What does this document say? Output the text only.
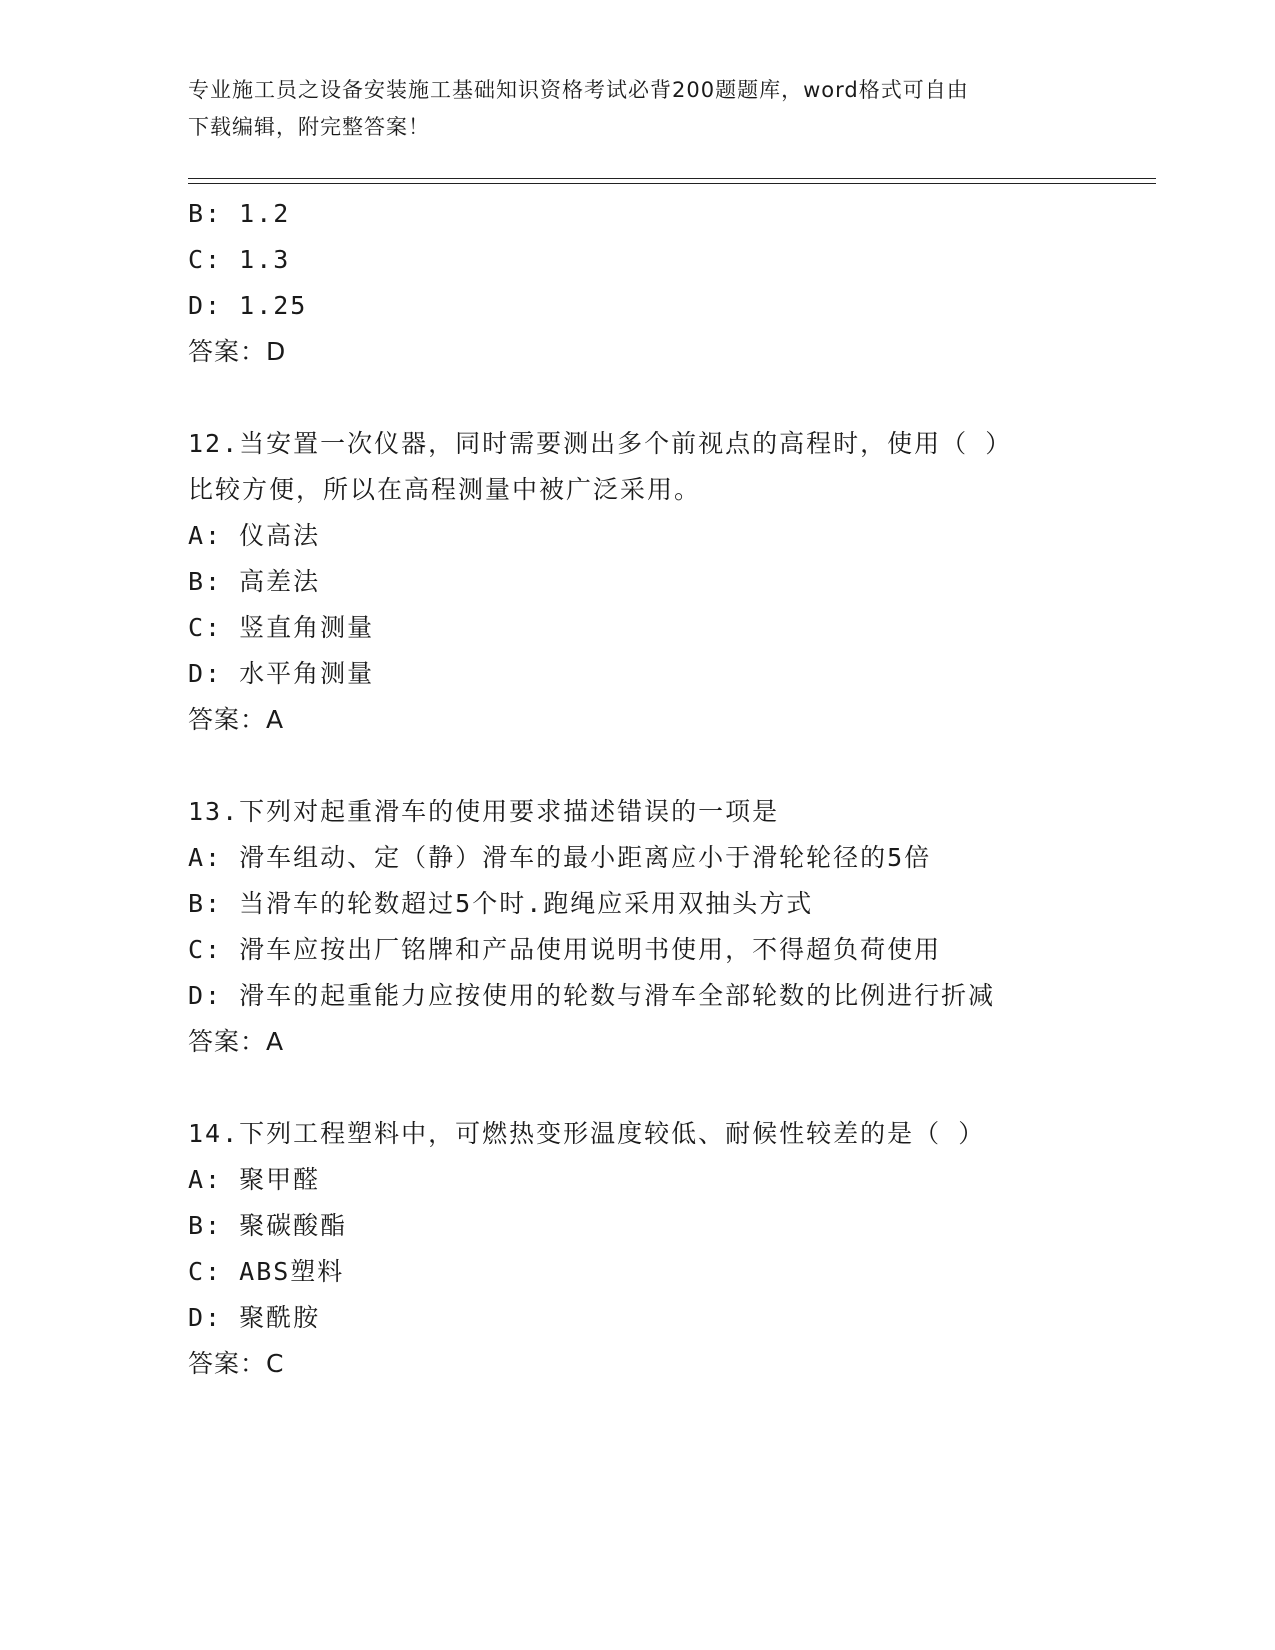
专业施工员之设备安装施工基础知识资格考试必背200题题库，word格式可自由
下载编辑，附完整答案！
B: 1.2
C: 1.3
D: 1.25
答案：D
12.当安置一次仪器，同时需要测出多个前视点的高程时，使用（ ）
比较方便，所以在高程测量中被广泛采用。
A: 仪高法
B: 高差法
C: 竖直角测量
D: 水平角测量
答案：A
13.下列对起重滑车的使用要求描述错误的一项是
A: 滑车组动、定（静）滑车的最小距离应小于滑轮轮径的5倍
B: 当滑车的轮数超过5个时.跑绳应采用双抽头方式
C: 滑车应按出厂铭牌和产品使用说明书使用，不得超负荷使用
D: 滑车的起重能力应按使用的轮数与滑车全部轮数的比例进行折减
答案：A
14.下列工程塑料中，可燃热变形温度较低、耐候性较差的是（ ）
A: 聚甲醛
B: 聚碳酸酯
C: ABS塑料
D: 聚酰胺
答案：C
